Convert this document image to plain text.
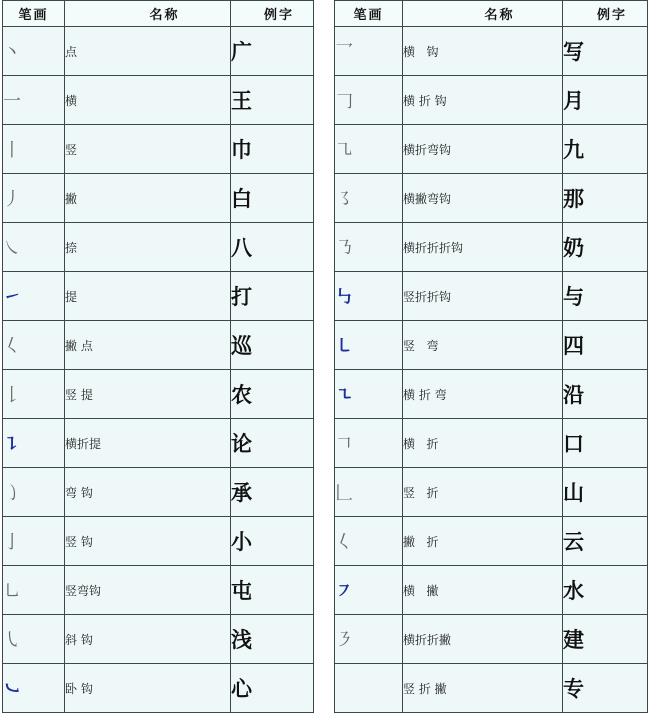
笔画	名称	例字
丶	点	广
一	横	王
丨	竖	巾
丿	撇	白
㇏	捺	八
㇀	提	打
𡿨	撇 点	巡
𠄌	竖 提	农
㇊	横折提	论
㇁	弯 钩	承
亅	竖 钩	小
㇟	竖弯钩	屯
㇂	斜 钩	浅
㇃	卧 钩	心
笔画	名称	例字
乛	横   钩	写
𠃌	横 折 钩	月
㇈	横折弯钩	九
㇌	横撇弯钩	那
㇡	横折折折钩	奶
㇉	竖折折钩	与
㇄	竖   弯	四
㇍	横 折 弯	沿
𠃍	横   折	口
𠃊	竖   折	山
𡿨	撇   折	云
㇇	横   撇	水
㇋	横折折撇	建
	竖 折 撇	专
